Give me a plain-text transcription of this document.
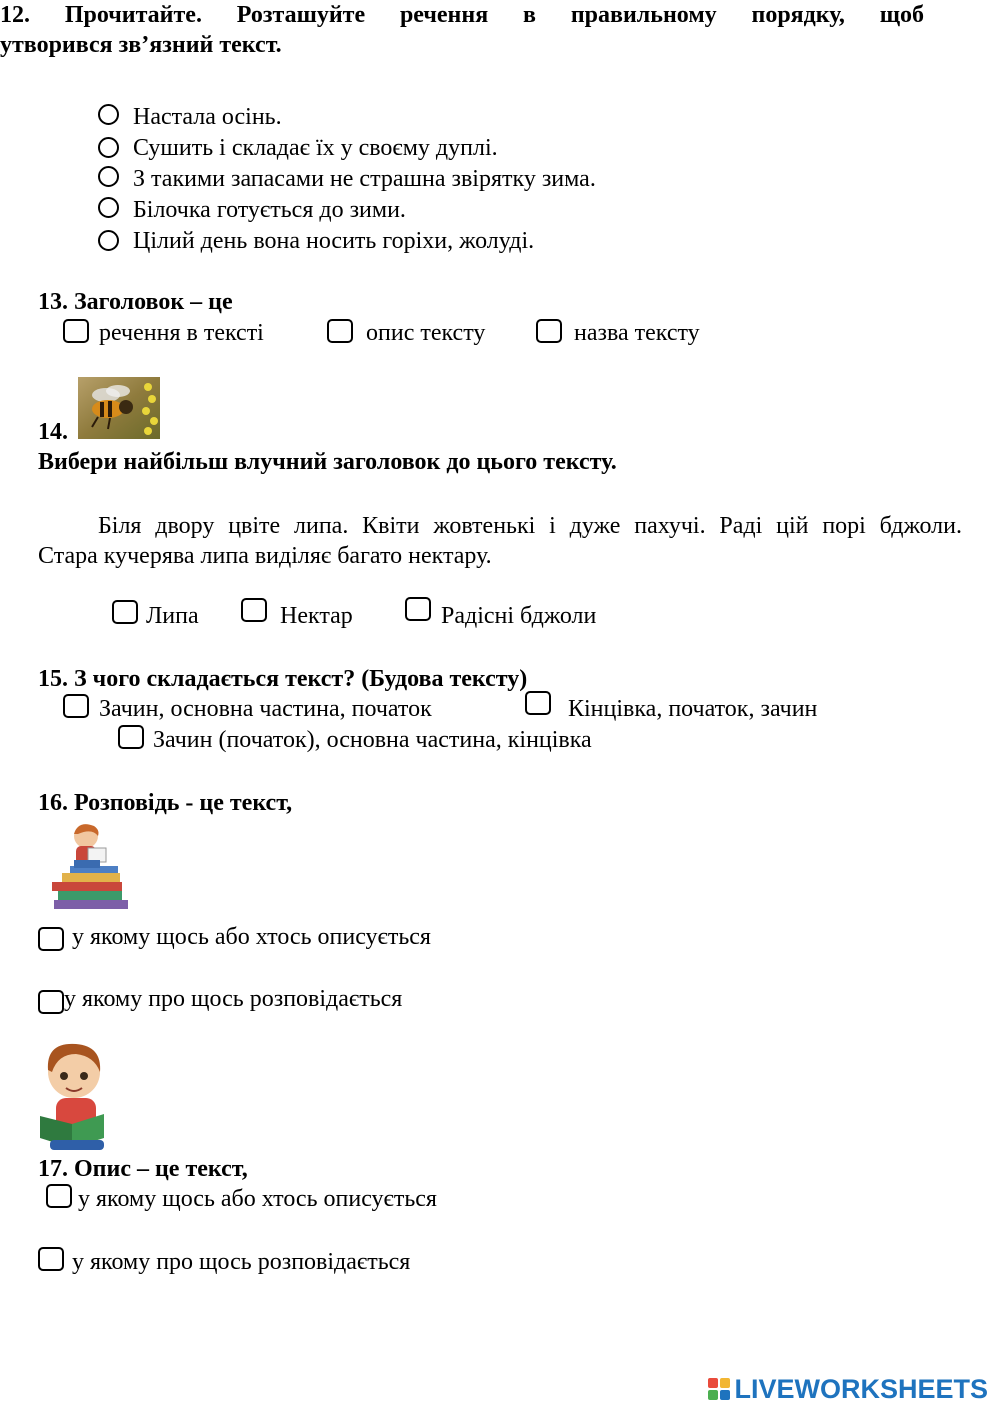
12. Прочитайте. Розташуйте речення в правильному порядку, щоб
утворився зв’язний текст.
Настала осінь.
Сушить і складає їх у своєму дуплі.
З такими запасами не страшна звірятку зима.
Білочка готується до зими.
Цілий день вона носить горіхи, жолуді.
13. Заголовок – це
речення в тексті	опис тексту	назва тексту
14.
Вибери найбільш влучний заголовок до цього тексту.
Біля двору цвіте липа. Квіти жовтенькі і дуже пахучі. Раді цій порі бджоли.
Стара кучерява липа виділяє багато нектару.
Липа	Нектар	Радісні бджоли
15. З чого складається текст? (Будова тексту)
Зачин, основна частина, початок	Кінцівка, початок, зачин
Зачин (початок), основна частина, кінцівка
16. Розповідь - це текст,
у якому щось або хтось описується
у якому про щось розповідається
17. Опис – це текст,
у якому щось або хтось описується
у якому про щось розповідається
LIVEWORKSHEETS
